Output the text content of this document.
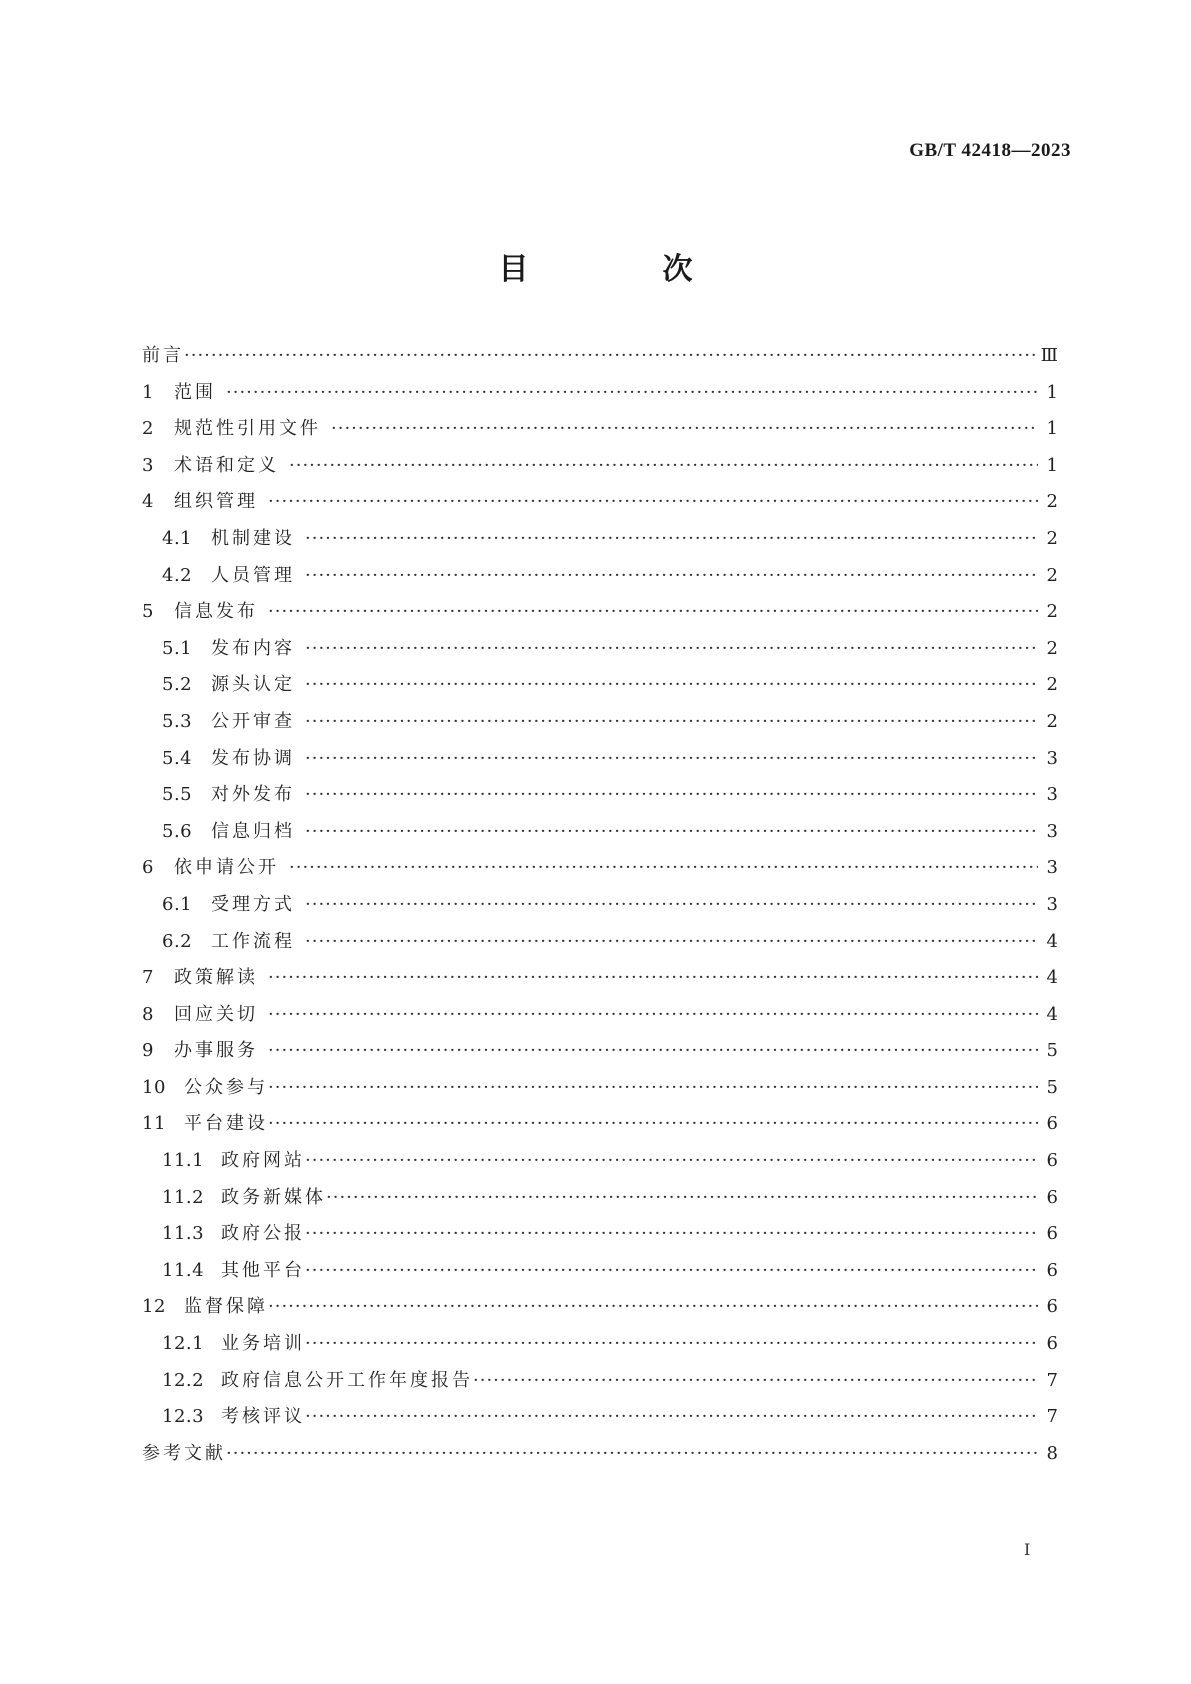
GB/T 42418—2023
目　次
前言 ·····	Ⅲ
1	范围 ·····	1
2	规范性引用文件 ·····	1
3	术语和定义 ·····	1
4	组织管理 ·····	2
4.1	机制建设 ·····	2
4.2	人员管理 ·····	2
5	信息发布 ·····	2
5.1	发布内容 ·····	2
5.2	源头认定 ·····	2
5.3	公开审查 ·····	2
5.4	发布协调 ·····	3
5.5	对外发布 ·····	3
5.6	信息归档 ·····	3
6	依申请公开 ·····	3
6.1	受理方式 ·····	3
6.2	工作流程 ·····	4
7	政策解读 ·····	4
8	回应关切 ·····	4
9	办事服务 ·····	5
10	公众参与 ·····	5
11	平台建设 ·····	6
11.1 政府网站 ·····	6
11.2 政务新媒体 ·····	6
11.3 政府公报 ·····	6
11.4 其他平台 ·····	6
12	监督保障 ·····	6
12.1 业务培训 ·····	6
12.2 政府信息公开工作年度报告 ·····	7
12.3 考核评议 ·····	7
参考文献 ·····	8
I
